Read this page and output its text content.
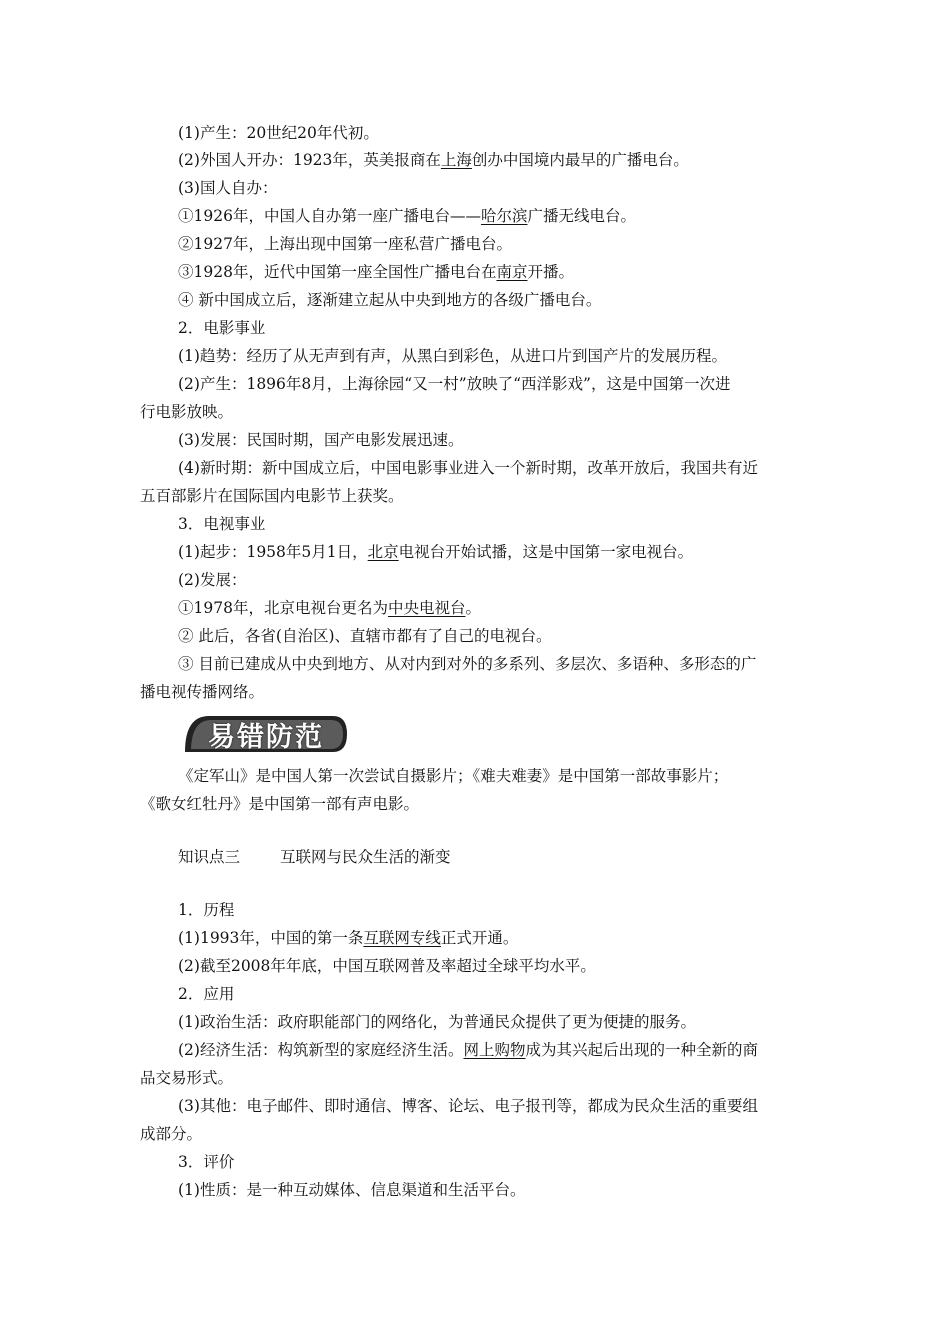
(1)产生：20世纪20年代初。
(2)外国人开办：1923年，英美报商在上海创办中国境内最早的广播电台。
(3)国人自办：
①1926年，中国人自办第一座广播电台——哈尔滨广播无线电台。
②1927年，上海出现中国第一座私营广播电台。
③1928年，近代中国第一座全国性广播电台在南京开播。
④ 新中国成立后，逐渐建立起从中央到地方的各级广播电台。
2．电影事业
(1)趋势：经历了从无声到有声，从黑白到彩色，从进口片到国产片的发展历程。
(2)产生：1896年8月，上海徐园“又一村”放映了“西洋影戏”，这是中国第一次进
行电影放映。
(3)发展：民国时期，国产电影发展迅速。
(4)新时期：新中国成立后，中国电影事业进入一个新时期，改革开放后，我国共有近
五百部影片在国际国内电影节上获奖。
3．电视事业
(1)起步：1958年5月1日，北京电视台开始试播，这是中国第一家电视台。
(2)发展：
①1978年，北京电视台更名为中央电视台。
② 此后，各省(自治区)、直辖市都有了自己的电视台。
③ 目前已建成从中央到地方、从对内到对外的多系列、多层次、多语种、多形态的广
播电视传播网络。
易错防范
《定军山》是中国人第一次尝试自摄影片；《难夫难妻》是中国第一部故事影片；
《歌女红牡丹》是中国第一部有声电影。
知识点三	互联网与民众生活的渐变
1．历程
(1)1993年，中国的第一条互联网专线正式开通。
(2)截至2008年年底，中国互联网普及率超过全球平均水平。
2．应用
(1)政治生活：政府职能部门的网络化，为普通民众提供了更为便捷的服务。
(2)经济生活：构筑新型的家庭经济生活。网上购物成为其兴起后出现的一种全新的商
品交易形式。
(3)其他：电子邮件、即时通信、博客、论坛、电子报刊等，都成为民众生活的重要组
成部分。
3．评价
(1)性质：是一种互动媒体、信息渠道和生活平台。
